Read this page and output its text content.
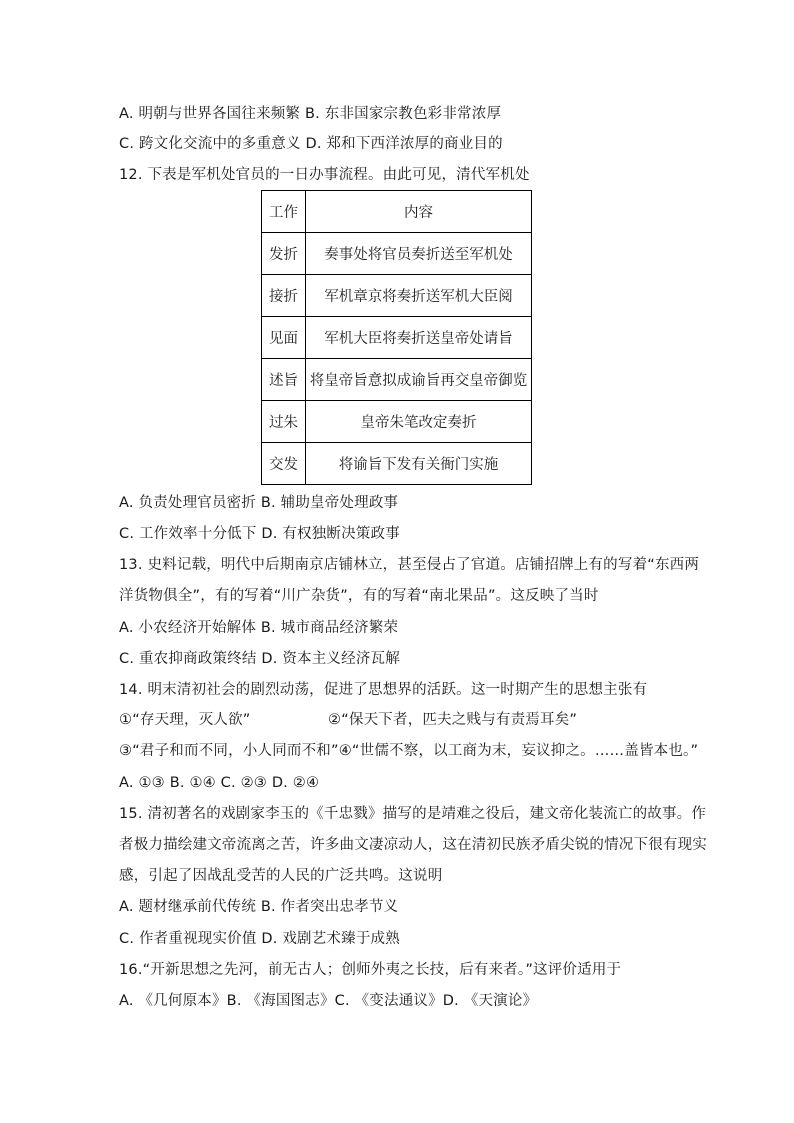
A. 明朝与世界各国往来频繁 B. 东非国家宗教色彩非常浓厚
C. 跨文化交流中的多重意义 D. 郑和下西洋浓厚的商业目的
12. 下表是军机处官员的一日办事流程。由此可见，清代军机处
工作	内容
发折	奏事处将官员奏折送至军机处
接折	军机章京将奏折送军机大臣阅
见面	军机大臣将奏折送皇帝处请旨
述旨	将皇帝旨意拟成谕旨再交皇帝御览
过朱	皇帝朱笔改定奏折
交发	将谕旨下发有关衙门实施
A. 负责处理官员密折 B. 辅助皇帝处理政事
C. 工作效率十分低下 D. 有权独断决策政事
13. 史料记载，明代中后期南京店铺林立，甚至侵占了官道。店铺招牌上有的写着“东西两
洋货物俱全”，有的写着“川广杂货”，有的写着“南北果品”。这反映了当时
A. 小农经济开始解体 B. 城市商品经济繁荣
C. 重农抑商政策终结 D. 资本主义经济瓦解
14. 明末清初社会的剧烈动荡，促进了思想界的活跃。这一时期产生的思想主张有
①“存天理，灭人欲”	②“保天下者，匹夫之贱与有责焉耳矣”
③“君子和而不同，小人同而不和”④“世儒不察，以工商为末，妄议抑之。……盖皆本也。”
A. ①③ B. ①④ C. ②③ D. ②④
15. 清初著名的戏剧家李玉的《千忠戮》描写的是靖难之役后，建文帝化装流亡的故事。作
者极力描绘建文帝流离之苦，许多曲文凄凉动人，这在清初民族矛盾尖锐的情况下很有现实
感，引起了因战乱受苦的人民的广泛共鸣。这说明
A. 题材继承前代传统 B. 作者突出忠孝节义
C. 作者重视现实价值 D. 戏剧艺术臻于成熟
16.“开新思想之先河，前无古人；创师外夷之长技，后有来者。”这评价适用于
A. 《几何原本》B. 《海国图志》C. 《变法通议》D. 《天演论》
